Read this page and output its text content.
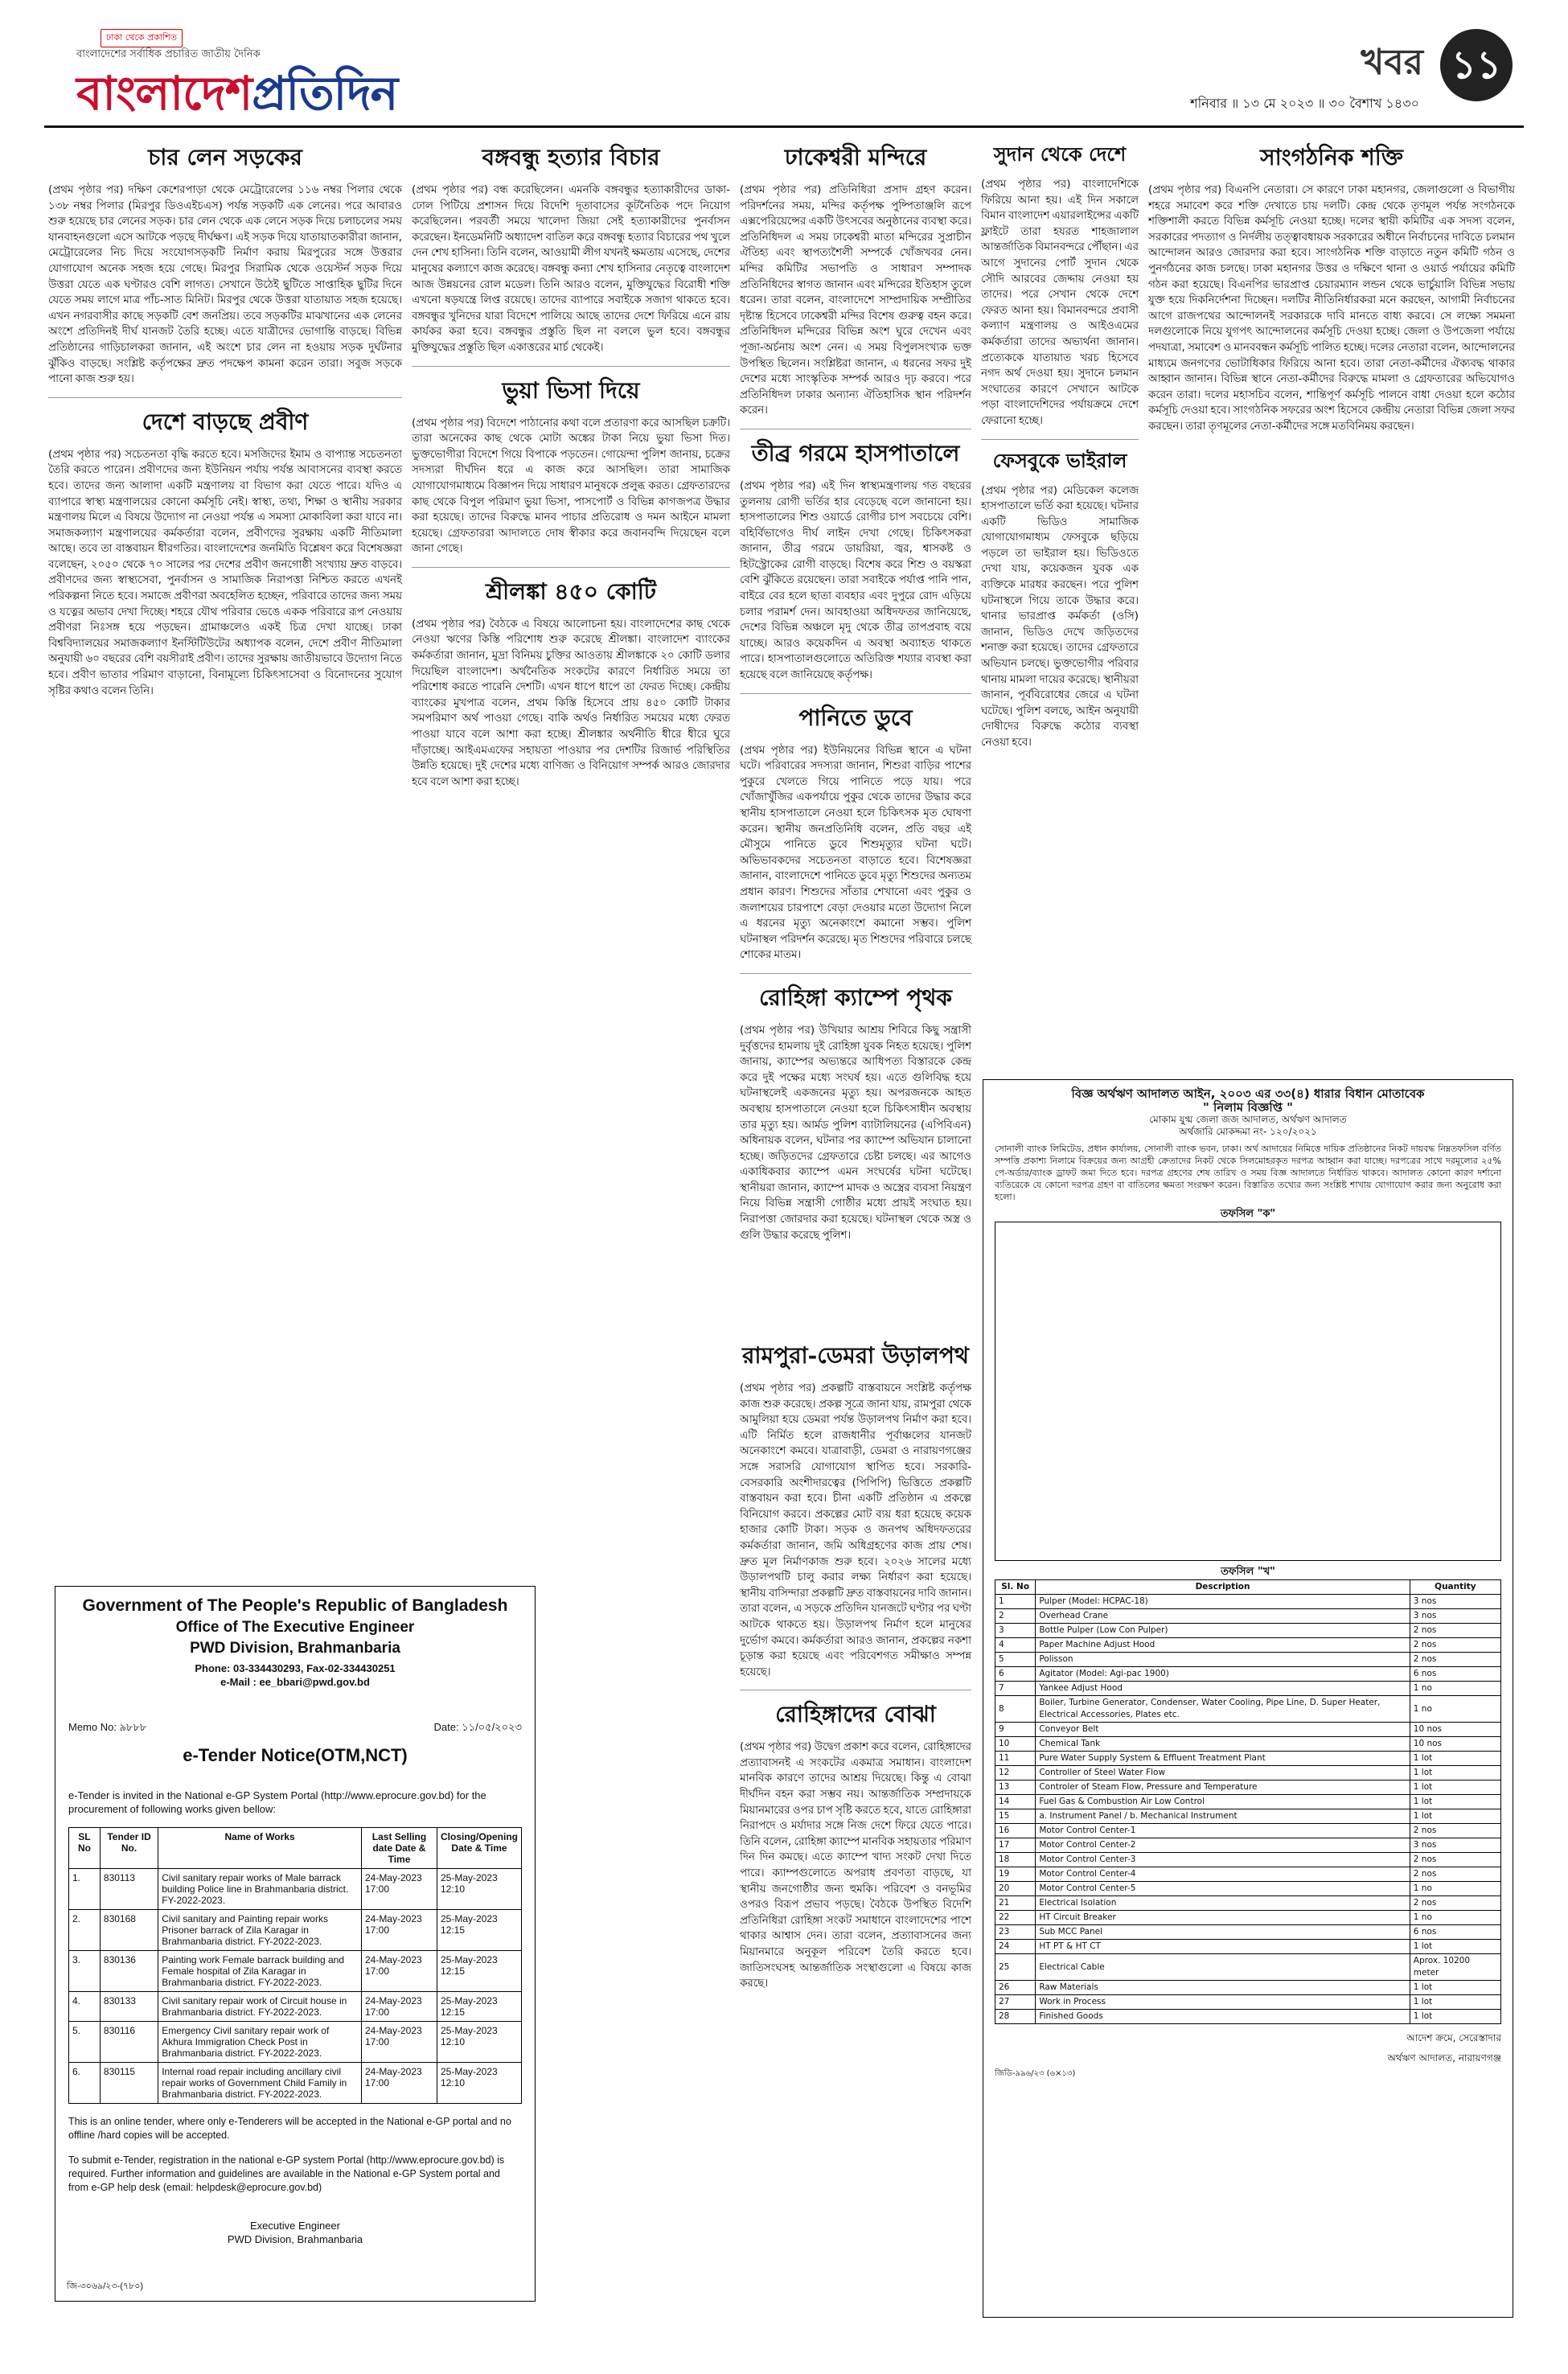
ঢাকা থেকে প্রকাশিত
বাংলাদেশের সর্বাধিক প্রচারিত জাতীয় দৈনিক
বাংলাদেশপ্রতিদিন
খবর ১১
শনিবার ॥ ১৩ মে ২০২৩ ॥ ৩০ বৈশাখ ১৪৩০
চার লেন সড়কের
(প্রথম পৃষ্ঠার পর) দক্ষিণ কেশেরপাড়া থেকে মেট্রোরেলের ১১৬ নম্বর পিলার থেকে ১৩৮ নম্বর পিলার (মিরপুর ডিওএইচএস) পর্যন্ত সড়কটি এক লেনের। পরে আবারও শুরু হয়েছে চার লেনের সড়ক। চার লেন থেকে এক লেনে সড়ক দিয়ে চলাচলের সময় যানবাহনগুলো এসে আটকে পড়ছে দীর্ঘক্ষণ। এই সড়ক দিয়ে যাতায়াতকারীরা জানান, মেট্রোরেলের নিচ দিয়ে সংযোগসড়কটি নির্মাণ করায় মিরপুরের সঙ্গে উত্তরার যোগাযোগ অনেক সহজ হয়ে গেছে। মিরপুর সিরামিক থেকে ওয়েস্টর্ন সড়ক দিয়ে উত্তরা যেতে এক ঘণ্টারও বেশি লাগত। সেখানে উঠেই ছুটিতে সাপ্তাহিক ছুটির দিনে যেতে সময় লাগে মাত্র পাঁচ-সাত মিনিট। মিরপুর থেকে উত্তরা যাতায়াত সহজ হয়েছে। এখন নগরবাসীর কাছে সড়কটি বেশ জনপ্রিয়। তবে সড়কটির মাঝখানের এক লেনের অংশে প্রতিদিনই দীর্ঘ যানজট তৈরি হচ্ছে। এতে যাত্রীদের ভোগান্তি বাড়ছে। বিভিন্ন প্রতিষ্ঠানের গাড়িচালকরা জানান, এই অংশে চার লেন না হওয়ায় সড়ক দুর্ঘটনার ঝুঁকিও বাড়ছে। সংশ্লিষ্ট কর্তৃপক্ষের দ্রুত পদক্ষেপ কামনা করেন তারা। সবুজ সড়কে পানো কাজ শুরু হয়।
দেশে বাড়ছে প্রবীণ
(প্রথম পৃষ্ঠার পর) সচেতনতা বৃদ্ধি করতে হবে। মসজিদের ইমাম ও বাপ্যান্ত সচেতনতা তৈরি করতে পারেন। প্রবীণদের জন্য ইউনিয়ন পর্যায় পর্যন্ত আবাসনের ব্যবস্থা করতে হবে। তাদের জন্য আলাদা একটি মন্ত্রণালয় বা বিভাগ করা যেতে পারে। যদিও এ ব্যাপারে স্বাস্থ্য মন্ত্রণালয়ের কোনো কর্মসূচি নেই। স্বাস্থ্য, তথ্য, শিক্ষা ও স্থানীয় সরকার মন্ত্রণালয় মিলে এ বিষয়ে উদ্যোগ না নেওয়া পর্যন্ত এ সমস্যা মোকাবিলা করা যাবে না। সমাজকল্যাণ মন্ত্রণালয়ের কর্মকর্তারা বলেন, প্রবীণদের সুরক্ষায় একটি নীতিমালা আছে। তবে তা বাস্তবায়ন ধীরগতির। বাংলাদেশের জনমিতি বিশ্লেষণ করে বিশেষজ্ঞরা বলেছেন, ২০৫০ থেকে ৭০ সালের পর দেশের প্রবীণ জনগোষ্ঠী সংখ্যায় দ্রুত বাড়বে। প্রবীণদের জন্য স্বাস্থ্যসেবা, পুনর্বাসন ও সামাজিক নিরাপত্তা নিশ্চিত করতে এখনই পরিকল্পনা নিতে হবে। সমাজে প্রবীণরা অবহেলিত হচ্ছেন, পরিবারে তাদের জন্য সময় ও যত্নের অভাব দেখা দিচ্ছে। শহরে যৌথ পরিবার ভেঙে একক পরিবারে রূপ নেওয়ায় প্রবীণরা নিঃসঙ্গ হয়ে পড়ছেন। গ্রামাঞ্চলেও একই চিত্র দেখা যাচ্ছে। ঢাকা বিশ্ববিদ্যালয়ের সমাজকল্যাণ ইনস্টিটিউটের অধ্যাপক বলেন, দেশে প্রবীণ নীতিমালা অনুযায়ী ৬০ বছরের বেশি বয়সীরাই প্রবীণ। তাদের সুরক্ষায় জাতীয়ভাবে উদ্যোগ নিতে হবে। প্রবীণ ভাতার পরিমাণ বাড়ানো, বিনামূল্যে চিকিৎসাসেবা ও বিনোদনের সুযোগ সৃষ্টির কথাও বলেন তিনি।
বঙ্গবন্ধু হত্যার বিচার
(প্রথম পৃষ্ঠার পর) বন্ধ করেছিলেন। এমনকি বঙ্গবন্ধুর হত্যাকারীদের ডাকা-ঢোল পিটিয়ে প্রশাসন দিয়ে বিদেশি দূতাবাসের কূটনৈতিক পদে নিয়োগ করেছিলেন। পরবর্তী সময়ে খালেদা জিয়া সেই হত্যাকারীদের পুনর্বাসন করেছেন। ইনডেমনিটি অধ্যাদেশ বাতিল করে বঙ্গবন্ধু হত্যার বিচারের পথ খুলে দেন শেখ হাসিনা। তিনি বলেন, আওয়ামী লীগ যখনই ক্ষমতায় এসেছে, দেশের মানুষের কল্যাণে কাজ করেছে। বঙ্গবন্ধু কন্যা শেখ হাসিনার নেতৃত্বে বাংলাদেশ আজ উন্নয়নের রোল মডেল। তিনি আরও বলেন, মুক্তিযুদ্ধের বিরোধী শক্তি এখনো ষড়যন্ত্রে লিপ্ত রয়েছে। তাদের ব্যাপারে সবাইকে সজাগ থাকতে হবে। বঙ্গবন্ধুর খুনিদের যারা বিদেশে পালিয়ে আছে তাদের দেশে ফিরিয়ে এনে রায় কার্যকর করা হবে। বঙ্গবন্ধুর প্রস্তুতি ছিল না বললে ভুল হবে। বঙ্গবন্ধুর মুক্তিযুদ্ধের প্রস্তুতি ছিল একাত্তরের মার্চ থেকেই।
ভুয়া ভিসা দিয়ে
(প্রথম পৃষ্ঠার পর) বিদেশে পাঠানোর কথা বলে প্রতারণা করে আসছিল চক্রটি। তারা অনেকের কাছ থেকে মোটা অঙ্কের টাকা নিয়ে ভুয়া ভিসা দিত। ভুক্তভোগীরা বিদেশে গিয়ে বিপাকে পড়তেন। গোয়েন্দা পুলিশ জানায়, চক্রের সদস্যরা দীর্ঘদিন ধরে এ কাজ করে আসছিল। তারা সামাজিক যোগাযোগমাধ্যমে বিজ্ঞাপন দিয়ে সাধারণ মানুষকে প্রলুব্ধ করত। গ্রেফতারদের কাছ থেকে বিপুল পরিমাণ ভুয়া ভিসা, পাসপোর্ট ও বিভিন্ন কাগজপত্র উদ্ধার করা হয়েছে। তাদের বিরুদ্ধে মানব পাচার প্রতিরোধ ও দমন আইনে মামলা হয়েছে। গ্রেফতাররা আদালতে দোষ স্বীকার করে জবানবন্দি দিয়েছেন বলে জানা গেছে।
শ্রীলঙ্কা ৪৫০ কোটি
(প্রথম পৃষ্ঠার পর) বৈঠকে এ বিষয়ে আলোচনা হয়। বাংলাদেশের কাছ থেকে নেওয়া ঋণের কিস্তি পরিশোধ শুরু করেছে শ্রীলঙ্কা। বাংলাদেশ ব্যাংকের কর্মকর্তারা জানান, মুদ্রা বিনিময় চুক্তির আওতায় শ্রীলঙ্কাকে ২০ কোটি ডলার দিয়েছিল বাংলাদেশ। অর্থনৈতিক সংকটের কারণে নির্ধারিত সময়ে তা পরিশোধ করতে পারেনি দেশটি। এখন ধাপে ধাপে তা ফেরত দিচ্ছে। কেন্দ্রীয় ব্যাংকের মুখপাত্র বলেন, প্রথম কিস্তি হিসেবে প্রায় ৪৫০ কোটি টাকার সমপরিমাণ অর্থ পাওয়া গেছে। বাকি অর্থও নির্ধারিত সময়ের মধ্যে ফেরত পাওয়া যাবে বলে আশা করা হচ্ছে। শ্রীলঙ্কার অর্থনীতি ধীরে ধীরে ঘুরে দাঁড়াচ্ছে। আইএমএফের সহায়তা পাওয়ার পর দেশটির রিজার্ভ পরিস্থিতির উন্নতি হয়েছে। দুই দেশের মধ্যে বাণিজ্য ও বিনিয়োগ সম্পর্ক আরও জোরদার হবে বলে আশা করা হচ্ছে।
ঢাকেশ্বরী মন্দিরে
(প্রথম পৃষ্ঠার পর) প্রতিনিধিরা প্রসাদ গ্রহণ করেন। পরিদর্শনের সময়, মন্দির কর্তৃপক্ষ পুষ্পিতাঞ্জলি রূপে এক্সপেরিয়েন্সের একটি উৎসবের অনুষ্ঠানের ব্যবস্থা করে। প্রতিনিধিদল এ সময় ঢাকেশ্বরী মাতা মন্দিরের সুপ্রাচীন ঐতিহ্য এবং স্থাপত্যশৈলী সম্পর্কে খোঁজখবর নেন। মন্দির কমিটির সভাপতি ও সাধারণ সম্পাদক প্রতিনিধিদের স্বাগত জানান এবং মন্দিরের ইতিহাস তুলে ধরেন। তারা বলেন, বাংলাদেশে সাম্প্রদায়িক সম্প্রীতির দৃষ্টান্ত হিসেবে ঢাকেশ্বরী মন্দির বিশেষ গুরুত্ব বহন করে। প্রতিনিধিদল মন্দিরের বিভিন্ন অংশ ঘুরে দেখেন এবং পূজা-অর্চনায় অংশ নেন। এ সময় বিপুলসংখ্যক ভক্ত উপস্থিত ছিলেন। সংশ্লিষ্টরা জানান, এ ধরনের সফর দুই দেশের মধ্যে সাংস্কৃতিক সম্পর্ক আরও দৃঢ় করবে। পরে প্রতিনিধিদল ঢাকার অন্যান্য ঐতিহাসিক স্থান পরিদর্শন করেন।
তীব্র গরমে হাসপাতালে
(প্রথম পৃষ্ঠার পর) এই দিন স্বাস্থ্যমন্ত্রণালয় গত বছরের তুলনায় রোগী ভর্তির হার বেড়েছে বলে জানানো হয়। হাসপাতালের শিশু ওয়ার্ডে রোগীর চাপ সবচেয়ে বেশি। বহির্বিভাগেও দীর্ঘ লাইন দেখা গেছে। চিকিৎসকরা জানান, তীব্র গরমে ডায়রিয়া, জ্বর, শ্বাসকষ্ট ও হিটস্ট্রোকের রোগী বাড়ছে। বিশেষ করে শিশু ও বয়স্করা বেশি ঝুঁকিতে রয়েছেন। তারা সবাইকে পর্যাপ্ত পানি পান, বাইরে বের হলে ছাতা ব্যবহার এবং দুপুরে রোদ এড়িয়ে চলার পরামর্শ দেন। আবহাওয়া অধিদফতর জানিয়েছে, দেশের বিভিন্ন অঞ্চলে মৃদু থেকে তীব্র তাপপ্রবাহ বয়ে যাচ্ছে। আরও কয়েকদিন এ অবস্থা অব্যাহত থাকতে পারে। হাসপাতালগুলোতে অতিরিক্ত শয্যার ব্যবস্থা করা হয়েছে বলে জানিয়েছে কর্তৃপক্ষ।
পানিতে ডুবে
(প্রথম পৃষ্ঠার পর) ইউনিয়নের বিভিন্ন স্থানে এ ঘটনা ঘটে। পরিবারের সদস্যরা জানান, শিশুরা বাড়ির পাশের পুকুরে খেলতে গিয়ে পানিতে পড়ে যায়। পরে খোঁজাখুঁজির একপর্যায়ে পুকুর থেকে তাদের উদ্ধার করে স্থানীয় হাসপাতালে নেওয়া হলে চিকিৎসক মৃত ঘোষণা করেন। স্থানীয় জনপ্রতিনিধি বলেন, প্রতি বছর এই মৌসুমে পানিতে ডুবে শিশুমৃত্যুর ঘটনা ঘটে। অভিভাবকদের সচেতনতা বাড়াতে হবে। বিশেষজ্ঞরা জানান, বাংলাদেশে পানিতে ডুবে মৃত্যু শিশুদের অন্যতম প্রধান কারণ। শিশুদের সাঁতার শেখানো এবং পুকুর ও জলাশয়ের চারপাশে বেড়া দেওয়ার মতো উদ্যোগ নিলে এ ধরনের মৃত্যু অনেকাংশে কমানো সম্ভব। পুলিশ ঘটনাস্থল পরিদর্শন করেছে। মৃত শিশুদের পরিবারে চলছে শোকের মাতম।
রোহিঙ্গা ক্যাম্পে পৃথক
(প্রথম পৃষ্ঠার পর) উখিয়ার আশ্রয় শিবিরে কিছু সন্ত্রাসী দুর্বৃত্তদের হামলায় দুই রোহিঙ্গা যুবক নিহত হয়েছে। পুলিশ জানায়, ক্যাম্পের অভ্যন্তরে আধিপত্য বিস্তারকে কেন্দ্র করে দুই পক্ষের মধ্যে সংঘর্ষ হয়। এতে গুলিবিদ্ধ হয়ে ঘটনাস্থলেই একজনের মৃত্যু হয়। অপরজনকে আহত অবস্থায় হাসপাতালে নেওয়া হলে চিকিৎসাধীন অবস্থায় তার মৃত্যু হয়। আর্মড পুলিশ ব্যাটালিয়নের (এপিবিএন) অধিনায়ক বলেন, ঘটনার পর ক্যাম্পে অভিযান চালানো হচ্ছে। জড়িতদের গ্রেফতারে চেষ্টা চলছে। এর আগেও একাধিকবার ক্যাম্পে এমন সংঘর্ষের ঘটনা ঘটেছে। স্থানীয়রা জানান, ক্যাম্পে মাদক ও অস্ত্রের ব্যবসা নিয়ন্ত্রণ নিয়ে বিভিন্ন সন্ত্রাসী গোষ্ঠীর মধ্যে প্রায়ই সংঘাত হয়। নিরাপত্তা জোরদার করা হয়েছে। ঘটনাস্থল থেকে অস্ত্র ও গুলি উদ্ধার করেছে পুলিশ।
রামপুরা-ডেমরা উড়ালপথ
(প্রথম পৃষ্ঠার পর) প্রকল্পটি বাস্তবায়নে সংশ্লিষ্ট কর্তৃপক্ষ কাজ শুরু করেছে। প্রকল্প সূত্রে জানা যায়, রামপুরা থেকে আমুলিয়া হয়ে ডেমরা পর্যন্ত উড়ালপথ নির্মাণ করা হবে। এটি নির্মিত হলে রাজধানীর পূর্বাঞ্চলের যানজট অনেকাংশে কমবে। যাত্রাবাড়ী, ডেমরা ও নারায়ণগঞ্জের সঙ্গে সরাসরি যোগাযোগ স্থাপিত হবে। সরকারি-বেসরকারি অংশীদারত্বের (পিপিপি) ভিত্তিতে প্রকল্পটি বাস্তবায়ন করা হবে। চীনা একটি প্রতিষ্ঠান এ প্রকল্পে বিনিয়োগ করবে। প্রকল্পের মোট ব্যয় ধরা হয়েছে কয়েক হাজার কোটি টাকা। সড়ক ও জনপথ অধিদফতরের কর্মকর্তারা জানান, জমি অধিগ্রহণের কাজ প্রায় শেষ। দ্রুত মূল নির্মাণকাজ শুরু হবে। ২০২৬ সালের মধ্যে উড়ালপথটি চালু করার লক্ষ্য নির্ধারণ করা হয়েছে। স্থানীয় বাসিন্দারা প্রকল্পটি দ্রুত বাস্তবায়নের দাবি জানান। তারা বলেন, এ সড়কে প্রতিদিন যানজটে ঘণ্টার পর ঘণ্টা আটকে থাকতে হয়। উড়ালপথ নির্মাণ হলে মানুষের দুর্ভোগ কমবে। কর্মকর্তারা আরও জানান, প্রকল্পের নকশা চূড়ান্ত করা হয়েছে এবং পরিবেশগত সমীক্ষাও সম্পন্ন হয়েছে।
রোহিঙ্গাদের বোঝা
(প্রথম পৃষ্ঠার পর) উদ্বেগ প্রকাশ করে বলেন, রোহিঙ্গাদের প্রত্যাবাসনই এ সংকটের একমাত্র সমাধান। বাংলাদেশ মানবিক কারণে তাদের আশ্রয় দিয়েছে। কিন্তু এ বোঝা দীর্ঘদিন বহন করা সম্ভব নয়। আন্তর্জাতিক সম্প্রদায়কে মিয়ানমারের ওপর চাপ সৃষ্টি করতে হবে, যাতে রোহিঙ্গারা নিরাপদে ও মর্যাদার সঙ্গে নিজ দেশে ফিরে যেতে পারে। তিনি বলেন, রোহিঙ্গা ক্যাম্পে মানবিক সহায়তার পরিমাণ দিন দিন কমছে। এতে ক্যাম্পে খাদ্য সংকট দেখা দিতে পারে। ক্যাম্পগুলোতে অপরাধ প্রবণতা বাড়ছে, যা স্থানীয় জনগোষ্ঠীর জন্য হুমকি। পরিবেশ ও বনভূমির ওপরও বিরূপ প্রভাব পড়ছে। বৈঠকে উপস্থিত বিদেশি প্রতিনিধিরা রোহিঙ্গা সংকট সমাধানে বাংলাদেশের পাশে থাকার আশ্বাস দেন। তারা বলেন, প্রত্যাবাসনের জন্য মিয়ানমারে অনুকূল পরিবেশ তৈরি করতে হবে। জাতিসংঘসহ আন্তর্জাতিক সংস্থাগুলো এ বিষয়ে কাজ করছে।
সুদান থেকে দেশে
(প্রথম পৃষ্ঠার পর) বাংলাদেশিকে ফিরিয়ে আনা হয়। এই দিন সকালে বিমান বাংলাদেশ এয়ারলাইন্সের একটি ফ্লাইটে তারা হযরত শাহজালাল আন্তর্জাতিক বিমানবন্দরে পৌঁছান। এর আগে সুদানের পোর্ট সুদান থেকে সৌদি আরবের জেদ্দায় নেওয়া হয় তাদের। পরে সেখান থেকে দেশে ফেরত আনা হয়। বিমানবন্দরে প্রবাসী কল্যাণ মন্ত্রণালয় ও আইওএমের কর্মকর্তারা তাদের অভ্যর্থনা জানান। প্রত্যেককে যাতায়াত খরচ হিসেবে নগদ অর্থ দেওয়া হয়। সুদানে চলমান সংঘাতের কারণে সেখানে আটকে পড়া বাংলাদেশিদের পর্যায়ক্রমে দেশে ফেরানো হচ্ছে।
ফেসবুকে ভাইরাল
(প্রথম পৃষ্ঠার পর) মেডিকেল কলেজ হাসপাতালে ভর্তি করা হয়েছে। ঘটনার একটি ভিডিও সামাজিক যোগাযোগমাধ্যম ফেসবুকে ছড়িয়ে পড়লে তা ভাইরাল হয়। ভিডিওতে দেখা যায়, কয়েকজন যুবক এক ব্যক্তিকে মারধর করছেন। পরে পুলিশ ঘটনাস্থলে গিয়ে তাকে উদ্ধার করে। থানার ভারপ্রাপ্ত কর্মকর্তা (ওসি) জানান, ভিডিও দেখে জড়িতদের শনাক্ত করা হয়েছে। তাদের গ্রেফতারে অভিযান চলছে। ভুক্তভোগীর পরিবার থানায় মামলা দায়ের করেছে। স্থানীয়রা জানান, পূর্ববিরোধের জেরে এ ঘটনা ঘটেছে। পুলিশ বলছে, আইন অনুযায়ী দোষীদের বিরুদ্ধে কঠোর ব্যবস্থা নেওয়া হবে।
সাংগঠনিক শক্তি
(প্রথম পৃষ্ঠার পর) বিএনপি নেতারা। সে কারণে ঢাকা মহানগর, জেলাগুলো ও বিভাগীয় শহরে সমাবেশ করে শক্তি দেখাতে চায় দলটি। কেন্দ্র থেকে তৃণমূল পর্যন্ত সংগঠনকে শক্তিশালী করতে বিভিন্ন কর্মসূচি নেওয়া হচ্ছে। দলের স্থায়ী কমিটির এক সদস্য বলেন, সরকারের পদত্যাগ ও নির্দলীয় তত্ত্বাবধায়ক সরকারের অধীনে নির্বাচনের দাবিতে চলমান আন্দোলন আরও জোরদার করা হবে। সাংগঠনিক শক্তি বাড়াতে নতুন কমিটি গঠন ও পুনর্গঠনের কাজ চলছে। ঢাকা মহানগর উত্তর ও দক্ষিণে থানা ও ওয়ার্ড পর্যায়ের কমিটি গঠন করা হয়েছে। বিএনপির ভারপ্রাপ্ত চেয়ারম্যান লন্ডন থেকে ভার্চুয়ালি বিভিন্ন সভায় যুক্ত হয়ে দিকনির্দেশনা দিচ্ছেন। দলটির নীতিনির্ধারকরা মনে করছেন, আগামী নির্বাচনের আগে রাজপথের আন্দোলনই সরকারকে দাবি মানতে বাধ্য করবে। সে লক্ষ্যে সমমনা দলগুলোকে নিয়ে যুগপৎ আন্দোলনের কর্মসূচি দেওয়া হচ্ছে। জেলা ও উপজেলা পর্যায়ে পদযাত্রা, সমাবেশ ও মানববন্ধন কর্মসূচি পালিত হচ্ছে। দলের নেতারা বলেন, আন্দোলনের মাধ্যমে জনগণের ভোটাধিকার ফিরিয়ে আনা হবে। তারা নেতা-কর্মীদের ঐক্যবদ্ধ থাকার আহ্বান জানান। বিভিন্ন স্থানে নেতা-কর্মীদের বিরুদ্ধে মামলা ও গ্রেফতারের অভিযোগও করেন তারা। দলের মহাসচিব বলেন, শান্তিপূর্ণ কর্মসূচি পালনে বাধা দেওয়া হলে কঠোর কর্মসূচি দেওয়া হবে। সাংগঠনিক সফরের অংশ হিসেবে কেন্দ্রীয় নেতারা বিভিন্ন জেলা সফর করছেন। তারা তৃণমূলের নেতা-কর্মীদের সঙ্গে মতবিনিময় করছেন।
Government of The People's Republic of Bangladesh
Office of The Executive Engineer
PWD Division, Brahmanbaria
Phone: 03-334430293, Fax-02-334430251
e-Mail : ee_bbari@pwd.gov.bd
Memo No: ৯৮৮৮	Date: ১১/০৫/২০২৩
e-Tender Notice(OTM,NCT)
e-Tender is invited in the National e-GP System Portal (http://www.eprocure.gov.bd) for the procurement of following works given bellow:
SL No	Tender ID No.	Name of Works	Last Selling date Date & Time	Closing/Opening Date & Time
1.	830113	Civil sanitary repair works of Male barrack building Police line in Brahmanbaria district. FY-2022-2023.	24-May-2023 17:00	25-May-2023 12:10
2.	830168	Civil sanitary and Painting repair works Prisoner barrack of Zila Karagar in Brahmanbaria district. FY-2022-2023.	24-May-2023 17:00	25-May-2023 12:15
3.	830136	Painting work Female barrack building and Female hospital of Zila Karagar in Brahmanbaria district. FY-2022-2023.	24-May-2023 17:00	25-May-2023 12:15
4.	830133	Civil sanitary repair work of Circuit house in Brahmanbaria district. FY-2022-2023.	24-May-2023 17:00	25-May-2023 12:15
5.	830116	Emergency Civil sanitary repair work of Akhura Immigration Check Post in Brahmanbaria district. FY-2022-2023.	24-May-2023 17:00	25-May-2023 12:10
6.	830115	Internal road repair including ancillary civil repair works of Government Child Family in Brahmanbaria district. FY-2022-2023.	24-May-2023 17:00	25-May-2023 12:10
This is an online tender, where only e-Tenderers will be accepted in the National e-GP portal and no offline /hard copies will be accepted.
To submit e-Tender, registration in the national e-GP system Portal (http://www.eprocure.gov.bd) is required. Further information and guidelines are available in the National e-GP System portal and from e-GP help desk (email: helpdesk@eprocure.gov.bd)
Executive Engineer
PWD Division, Brahmanbaria
জি-৩০৬৯/২৩-(৭৮০)
বিজ্ঞ অর্থঋণ আদালত আইন, ২০০৩ এর ৩৩(৪) ধারার বিধান মোতাবেক
" নিলাম বিজ্ঞপ্তি "
মোকাম যুগ্ম জেলা জজ আদালত, অর্থঋণ আদালত
অর্থজারি মোকদ্দমা নং- ১২০/২০২১
সোনালী ব্যাংক লিমিটেড, প্রধান কার্যালয়, সোনালী ব্যাংক ভবন, ঢাকা। অর্থ আদায়ের নিমিত্তে দায়িক প্রতিষ্ঠানের নিকট দায়বদ্ধ নিম্নতফসিল বর্ণিত সম্পত্তি প্রকাশ্য নিলামে বিক্রয়ের জন্য আগ্রহী ক্রেতাদের নিকট থেকে সিলমোহরকৃত দরপত্র আহ্বান করা যাচ্ছে। দরপত্রের সাথে দরমূল্যের ২৫% পে-অর্ডার/ব্যাংক ড্রাফট জমা দিতে হবে। দরপত্র গ্রহণের শেষ তারিখ ও সময় বিজ্ঞ আদালতে নির্ধারিত থাকবে। আদালত কোনো কারণ দর্শানো ব্যতিরেকে যে কোনো দরপত্র গ্রহণ বা বাতিলের ক্ষমতা সংরক্ষণ করেন। বিস্তারিত তথ্যের জন্য সংশ্লিষ্ট শাখায় যোগাযোগ করার জন্য অনুরোধ করা হলো।
তফসিল "ক"
তফসিল "খ"
Sl. No	Description	Quantity
1	Pulper (Model: HCPAC-18)	3 nos
2	Overhead Crane	3 nos
3	Bottle Pulper (Low Con Pulper)	2 nos
4	Paper Machine Adjust Hood	2 nos
5	Polisson	2 nos
6	Agitator (Model: Agi-pac 1900)	6 nos
7	Yankee Adjust Hood	1 no
8	Boiler, Turbine Generator, Condenser, Water Cooling, Pipe Line, D. Super Heater, Electrical Accessories, Plates etc.	1 no
9	Conveyor Belt	10 nos
10	Chemical Tank	10 nos
11	Pure Water Supply System & Effluent Treatment Plant	1 lot
12	Controller of Steel Water Flow	1 lot
13	Controler of Steam Flow, Pressure and Temperature	1 lot
14	Fuel Gas & Combustion Air Low Control	1 lot
15	a. Instrument Panel / b. Mechanical Instrument	1 lot
16	Motor Control Center-1	2 nos
17	Motor Control Center-2	3 nos
18	Motor Control Center-3	2 nos
19	Motor Control Center-4	2 nos
20	Motor Control Center-5	1 no
21	Electrical Isolation	2 nos
22	HT Circuit Breaker	1 no
23	Sub MCC Panel	6 nos
24	HT PT & HT CT	1 lot
25	Electrical Cable	Aprox. 10200 meter
26	Raw Materials	1 lot
27	Work in Process	1 lot
28	Finished Goods	1 lot
আদেশ ক্রমে, সেরেস্তাদার
অর্থঋণ আদালত, নারায়ণগঞ্জ
জিডি-৯৯৬/২৩ (৬×১৩)
